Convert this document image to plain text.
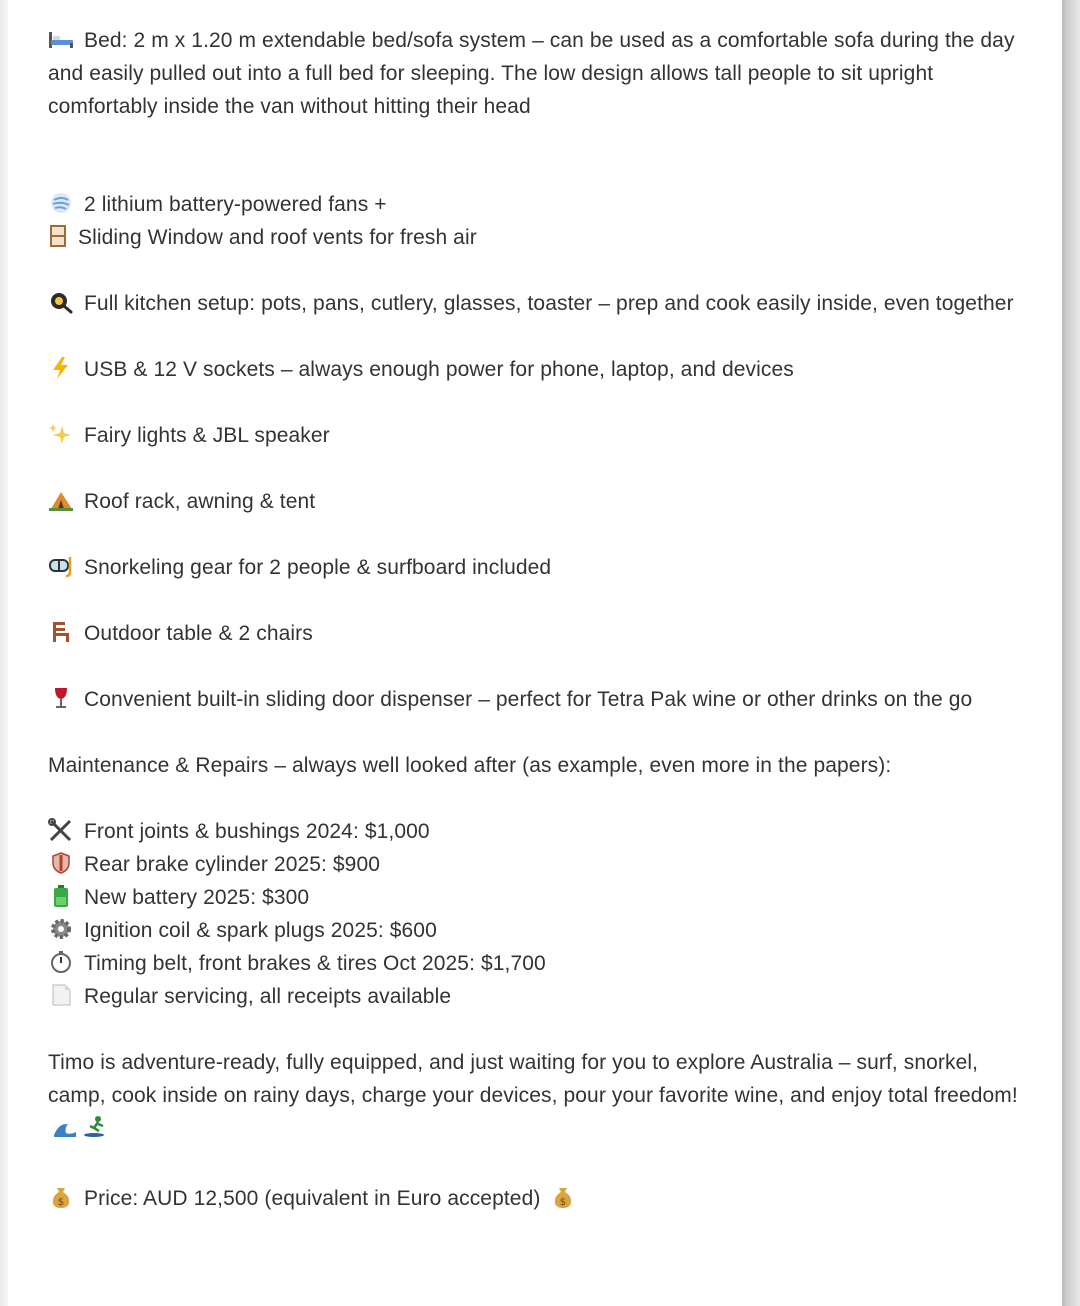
Bed: 2 m x 1.20 m extendable bed/sofa system – can be used as a comfortable sofa during the day and easily pulled out into a full bed for sleeping. The low design allows tall people to sit upright comfortably inside the van without hitting their head

2 lithium battery-powered fans +
Sliding Window and roof vents for fresh air

Full kitchen setup: pots, pans, cutlery, glasses, toaster – prep and cook easily inside, even together

USB & 12 V sockets – always enough power for phone, laptop, and devices

Fairy lights & JBL speaker

Roof rack, awning & tent

Snorkeling gear for 2 people & surfboard included

Outdoor table & 2 chairs

Convenient built-in sliding door dispenser – perfect for Tetra Pak wine or other drinks on the go

Maintenance & Repairs – always well looked after (as example, even more in the papers):

Front joints & bushings 2024: $1,000
Rear brake cylinder 2025: $900
New battery 2025: $300
Ignition coil & spark plugs 2025: $600
Timing belt, front brakes & tires Oct 2025: $1,700
Regular servicing, all receipts available

Timo is adventure-ready, fully equipped, and just waiting for you to explore Australia – surf, snorkel, camp, cook inside on rainy days, charge your devices, pour your favorite wine, and enjoy total freedom!

$ Price: AUD 12,500 (equivalent in Euro accepted) $
